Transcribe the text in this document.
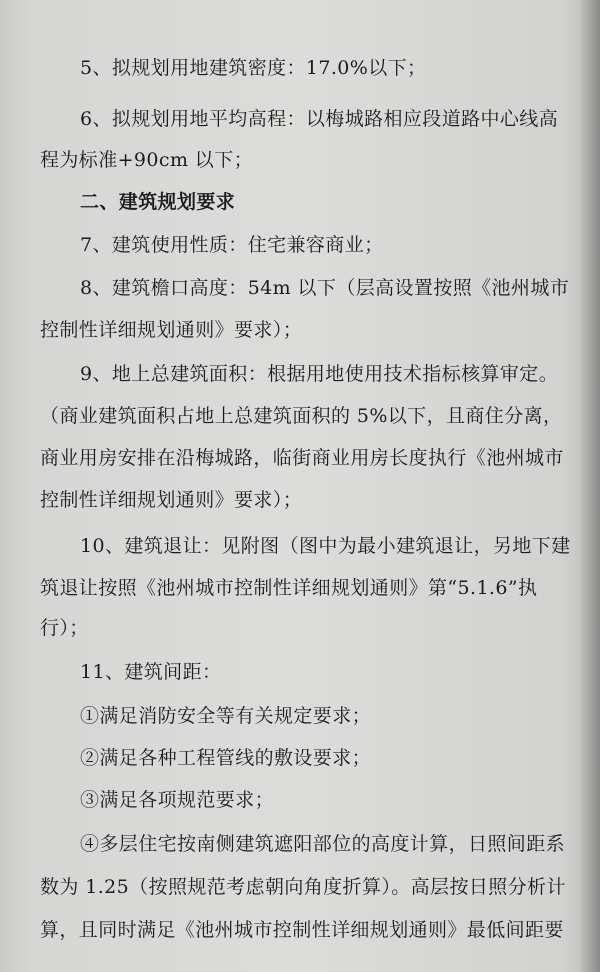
5、拟规划用地建筑密度：17.0%以下；
6、拟规划用地平均高程：以梅城路相应段道路中心线高
程为标准+90cm 以下；
二、建筑规划要求
7、建筑使用性质：住宅兼容商业；
8、建筑檐口高度：54m 以下（层高设置按照《池州城市
控制性详细规划通则》要求）；
9、地上总建筑面积：根据用地使用技术指标核算审定。
（商业建筑面积占地上总建筑面积的 5%以下，且商住分离，
商业用房安排在沿梅城路，临街商业用房长度执行《池州城市
控制性详细规划通则》要求）；
10、建筑退让：见附图（图中为最小建筑退让，另地下建
筑退让按照《池州城市控制性详细规划通则》第“5.1.6”执
行）；
11、建筑间距：
①满足消防安全等有关规定要求；
②满足各种工程管线的敷设要求；
③满足各项规范要求；
④多层住宅按南侧建筑遮阳部位的高度计算，日照间距系
数为 1.25（按照规范考虑朝向角度折算）。高层按日照分析计
算，且同时满足《池州城市控制性详细规划通则》最低间距要
